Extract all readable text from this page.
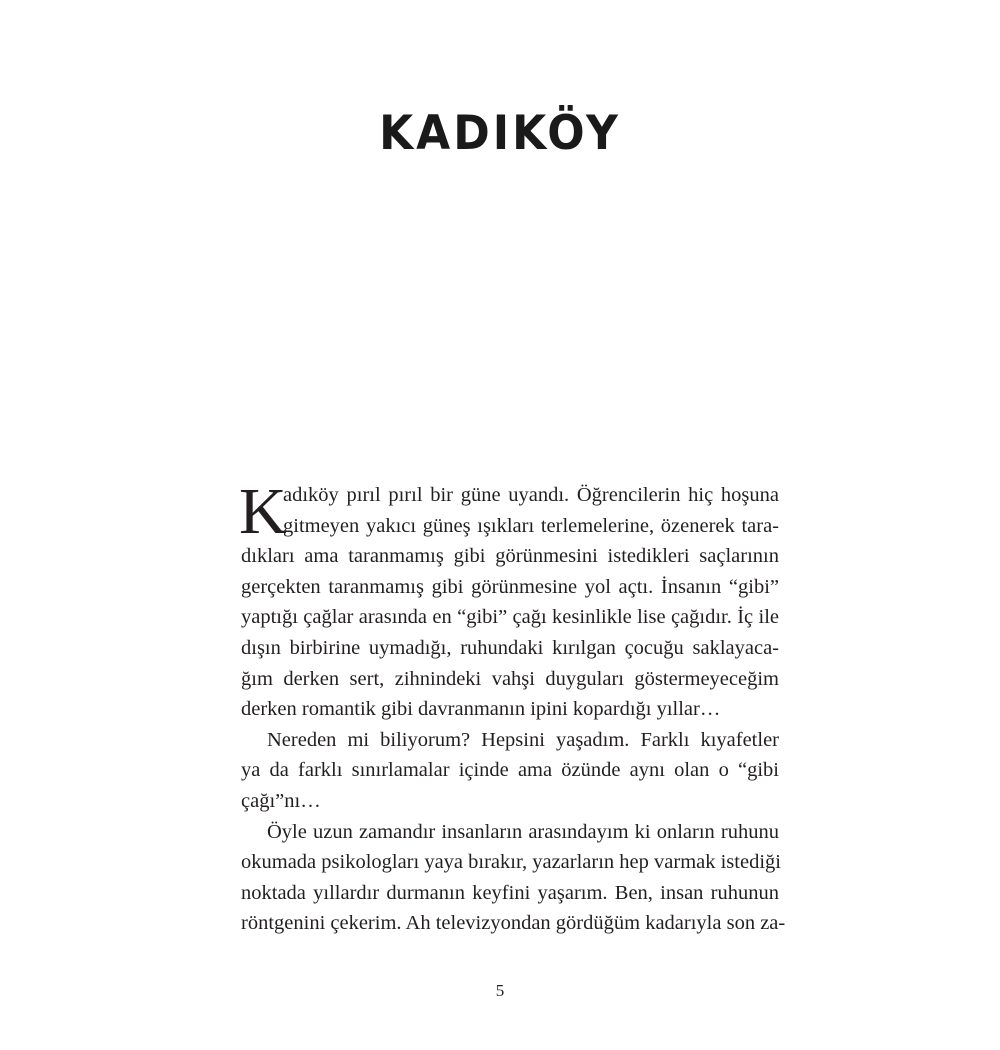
KADIKÖY
K
adıköy pırıl pırıl bir güne uyandı. Öğrencilerin hiç hoşuna
gitmeyen yakıcı güneş ışıkları terlemelerine, özenerek tara-
dıkları ama taranmamış gibi görünmesini istedikleri saçlarının
gerçekten taranmamış gibi görünmesine yol açtı. İnsanın “gibi”
yaptığı çağlar arasında en “gibi” çağı kesinlikle lise çağıdır. İç ile
dışın birbirine uymadığı, ruhundaki kırılgan çocuğu saklayaca-
ğım derken sert, zihnindeki vahşi duyguları göstermeyeceğim
derken romantik gibi davranmanın ipini kopardığı yıllar…
Nereden mi biliyorum? Hepsini yaşadım. Farklı kıyafetler
ya da farklı sınırlamalar içinde ama özünde aynı olan o “gibi
çağı”nı…
Öyle uzun zamandır insanların arasındayım ki onların ruhunu
okumada psikologları yaya bırakır, yazarların hep varmak istediği
noktada yıllardır durmanın keyfini yaşarım. Ben, insan ruhunun
röntgenini çekerim. Ah televizyondan gördüğüm kadarıyla son za-
5
